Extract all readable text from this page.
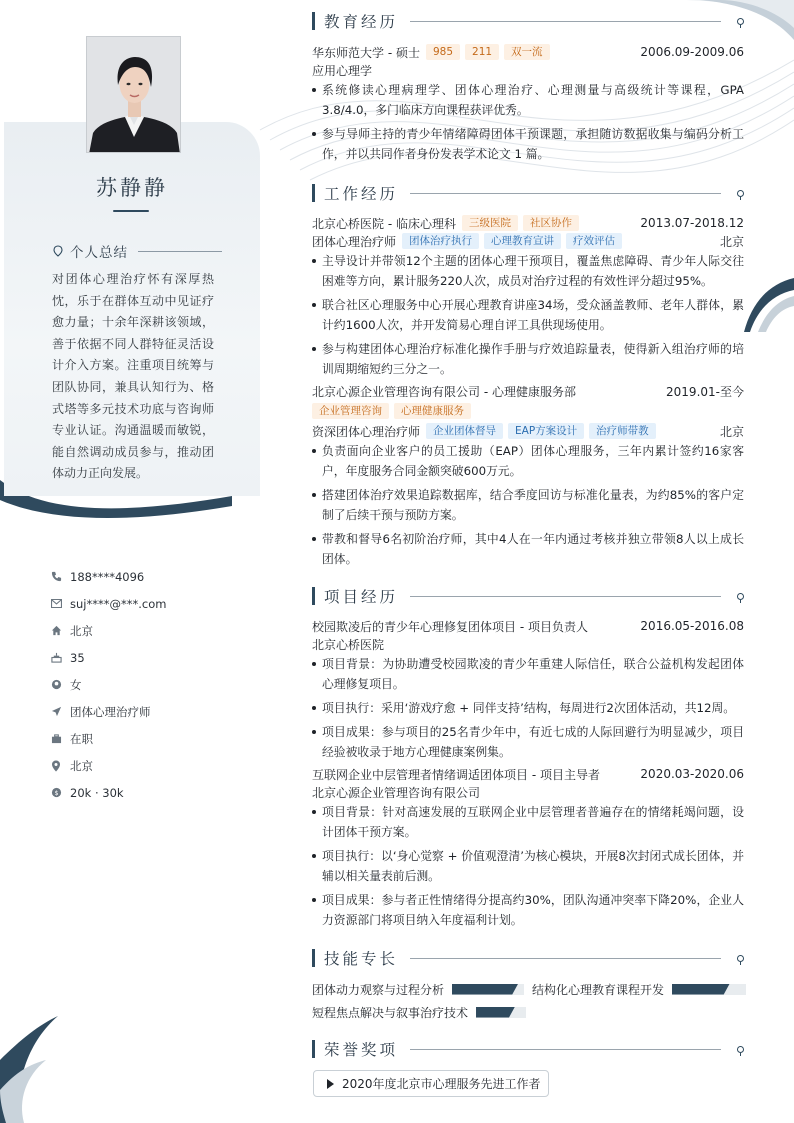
苏静静
个人总结
对团体心理治疗怀有深厚热忱，乐于在群体互动中见证疗愈力量；十余年深耕该领域，善于依据不同人群特征灵活设计介入方案。注重项目统筹与团队协同，兼具认知行为、格式塔等多元技术功底与咨询师专业认证。沟通温暖而敏锐，能自然调动成员参与，推动团体动力正向发展。
188****4096
suj****@***.com
北京
35
女
团体心理治疗师
在职
北京
$ 20k · 30k
教育经历
华东师范大学 - 硕士	985	211	双一流	2006.09-2009.06
应用心理学
系统修读心理病理学、团体心理治疗、心理测量与高级统计等课程，GPA 3.8/4.0，多门临床方向课程获评优秀。
参与导师主持的青少年情绪障碍团体干预课题，承担随访数据收集与编码分析工作，并以共同作者身份发表学术论文 1 篇。
工作经历
北京心桥医院 - 临床心理科	三级医院	社区协作	2013.07-2018.12
团体心理治疗师	团体治疗执行	心理教育宣讲	疗效评估	北京
主导设计并带领12个主题的团体心理干预项目，覆盖焦虑障碍、青少年人际交往困难等方向，累计服务220人次，成员对治疗过程的有效性评分超过95%。
联合社区心理服务中心开展心理教育讲座34场，受众涵盖教师、老年人群体，累计约1600人次，并开发简易心理自评工具供现场使用。
参与构建团体心理治疗标准化操作手册与疗效追踪量表，使得新入组治疗师的培训周期缩短约三分之一。
北京心源企业管理咨询有限公司 - 心理健康服务部	2019.01-至今
企业管理咨询	心理健康服务
资深团体心理治疗师	企业团体督导	EAP方案设计	治疗师带教	北京
负责面向企业客户的员工援助（EAP）团体心理服务，三年内累计签约16家客户，年度服务合同金额突破600万元。
搭建团体治疗效果追踪数据库，结合季度回访与标准化量表，为约85%的客户定制了后续干预与预防方案。
带教和督导6名初阶治疗师，其中4人在一年内通过考核并独立带领8人以上成长团体。
项目经历
校园欺凌后的青少年心理修复团体项目 - 项目负责人	2016.05-2016.08
北京心桥医院
项目背景：为协助遭受校园欺凌的青少年重建人际信任，联合公益机构发起团体心理修复项目。
项目执行：采用‘游戏疗愈 + 同伴支持’结构，每周进行2次团体活动，共12周。
项目成果：参与项目的25名青少年中，有近七成的人际回避行为明显减少，项目经验被收录于地方心理健康案例集。
互联网企业中层管理者情绪调适团体项目 - 项目主导者	2020.03-2020.06
北京心源企业管理咨询有限公司
项目背景：针对高速发展的互联网企业中层管理者普遍存在的情绪耗竭问题，设计团体干预方案。
项目执行：以‘身心觉察 + 价值观澄清’为核心模块，开展8次封闭式成长团体，并辅以相关量表前后测。
项目成果：参与者正性情绪得分提高约30%，团队沟通冲突率下降20%，企业人力资源部门将项目纳入年度福利计划。
技能专长
团体动力观察与过程分析	结构化心理教育课程开发
短程焦点解决与叙事治疗技术
荣誉奖项
2020年度北京市心理服务先进工作者
